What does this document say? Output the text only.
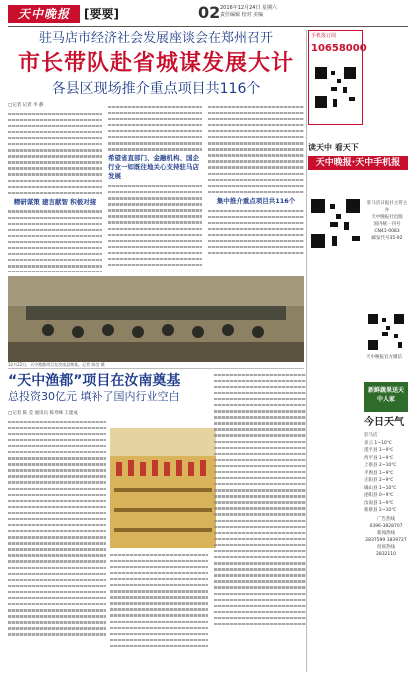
天中晚报	[要要]	02 2016年12月24日 星期六
责任编辑 校对 美编
驻马店市经济社会发展座谈会在郑州召开
市长带队赴省城谋发展大计
各县区现场推介重点项目共116个
□记者 记者 李 静
精研谋策 建言献智 积极对接
希望省直部门、金融机构、国企行业一如既往地关心支持驻马店发展
集中推介重点项目共116个
12月22日，天中渔都项目在汝南县奠基。记者 陈莹 摄
“天中渔都”项目在汝南奠基
总投资30亿元 填补了国内行业空白
□记者 陈 莹 通讯员 陈寿峰 王建成
手机报订阅
10658000
读天中 看天下
天中晚报·天中手机报
驻马店日报社主管主办
天中晚报社出版
国内统一刊号
CN41-0083
邮发代号35-92
天中晚报官方微信
新鲜蔬果送天中人家
今日天气
驻马店
多云 1~10℃
遂平县 1~9℃
西平县 1~9℃
上蔡县 2~10℃
平舆县 1~9℃
正阳县 2~9℃
确山县 1~10℃
泌阳县 0~9℃
汝南县 1~9℃
新蔡县 2~10℃
广告热线
0396-3828707
新闻热线
2837599 3839727
投诉热线
2832110
